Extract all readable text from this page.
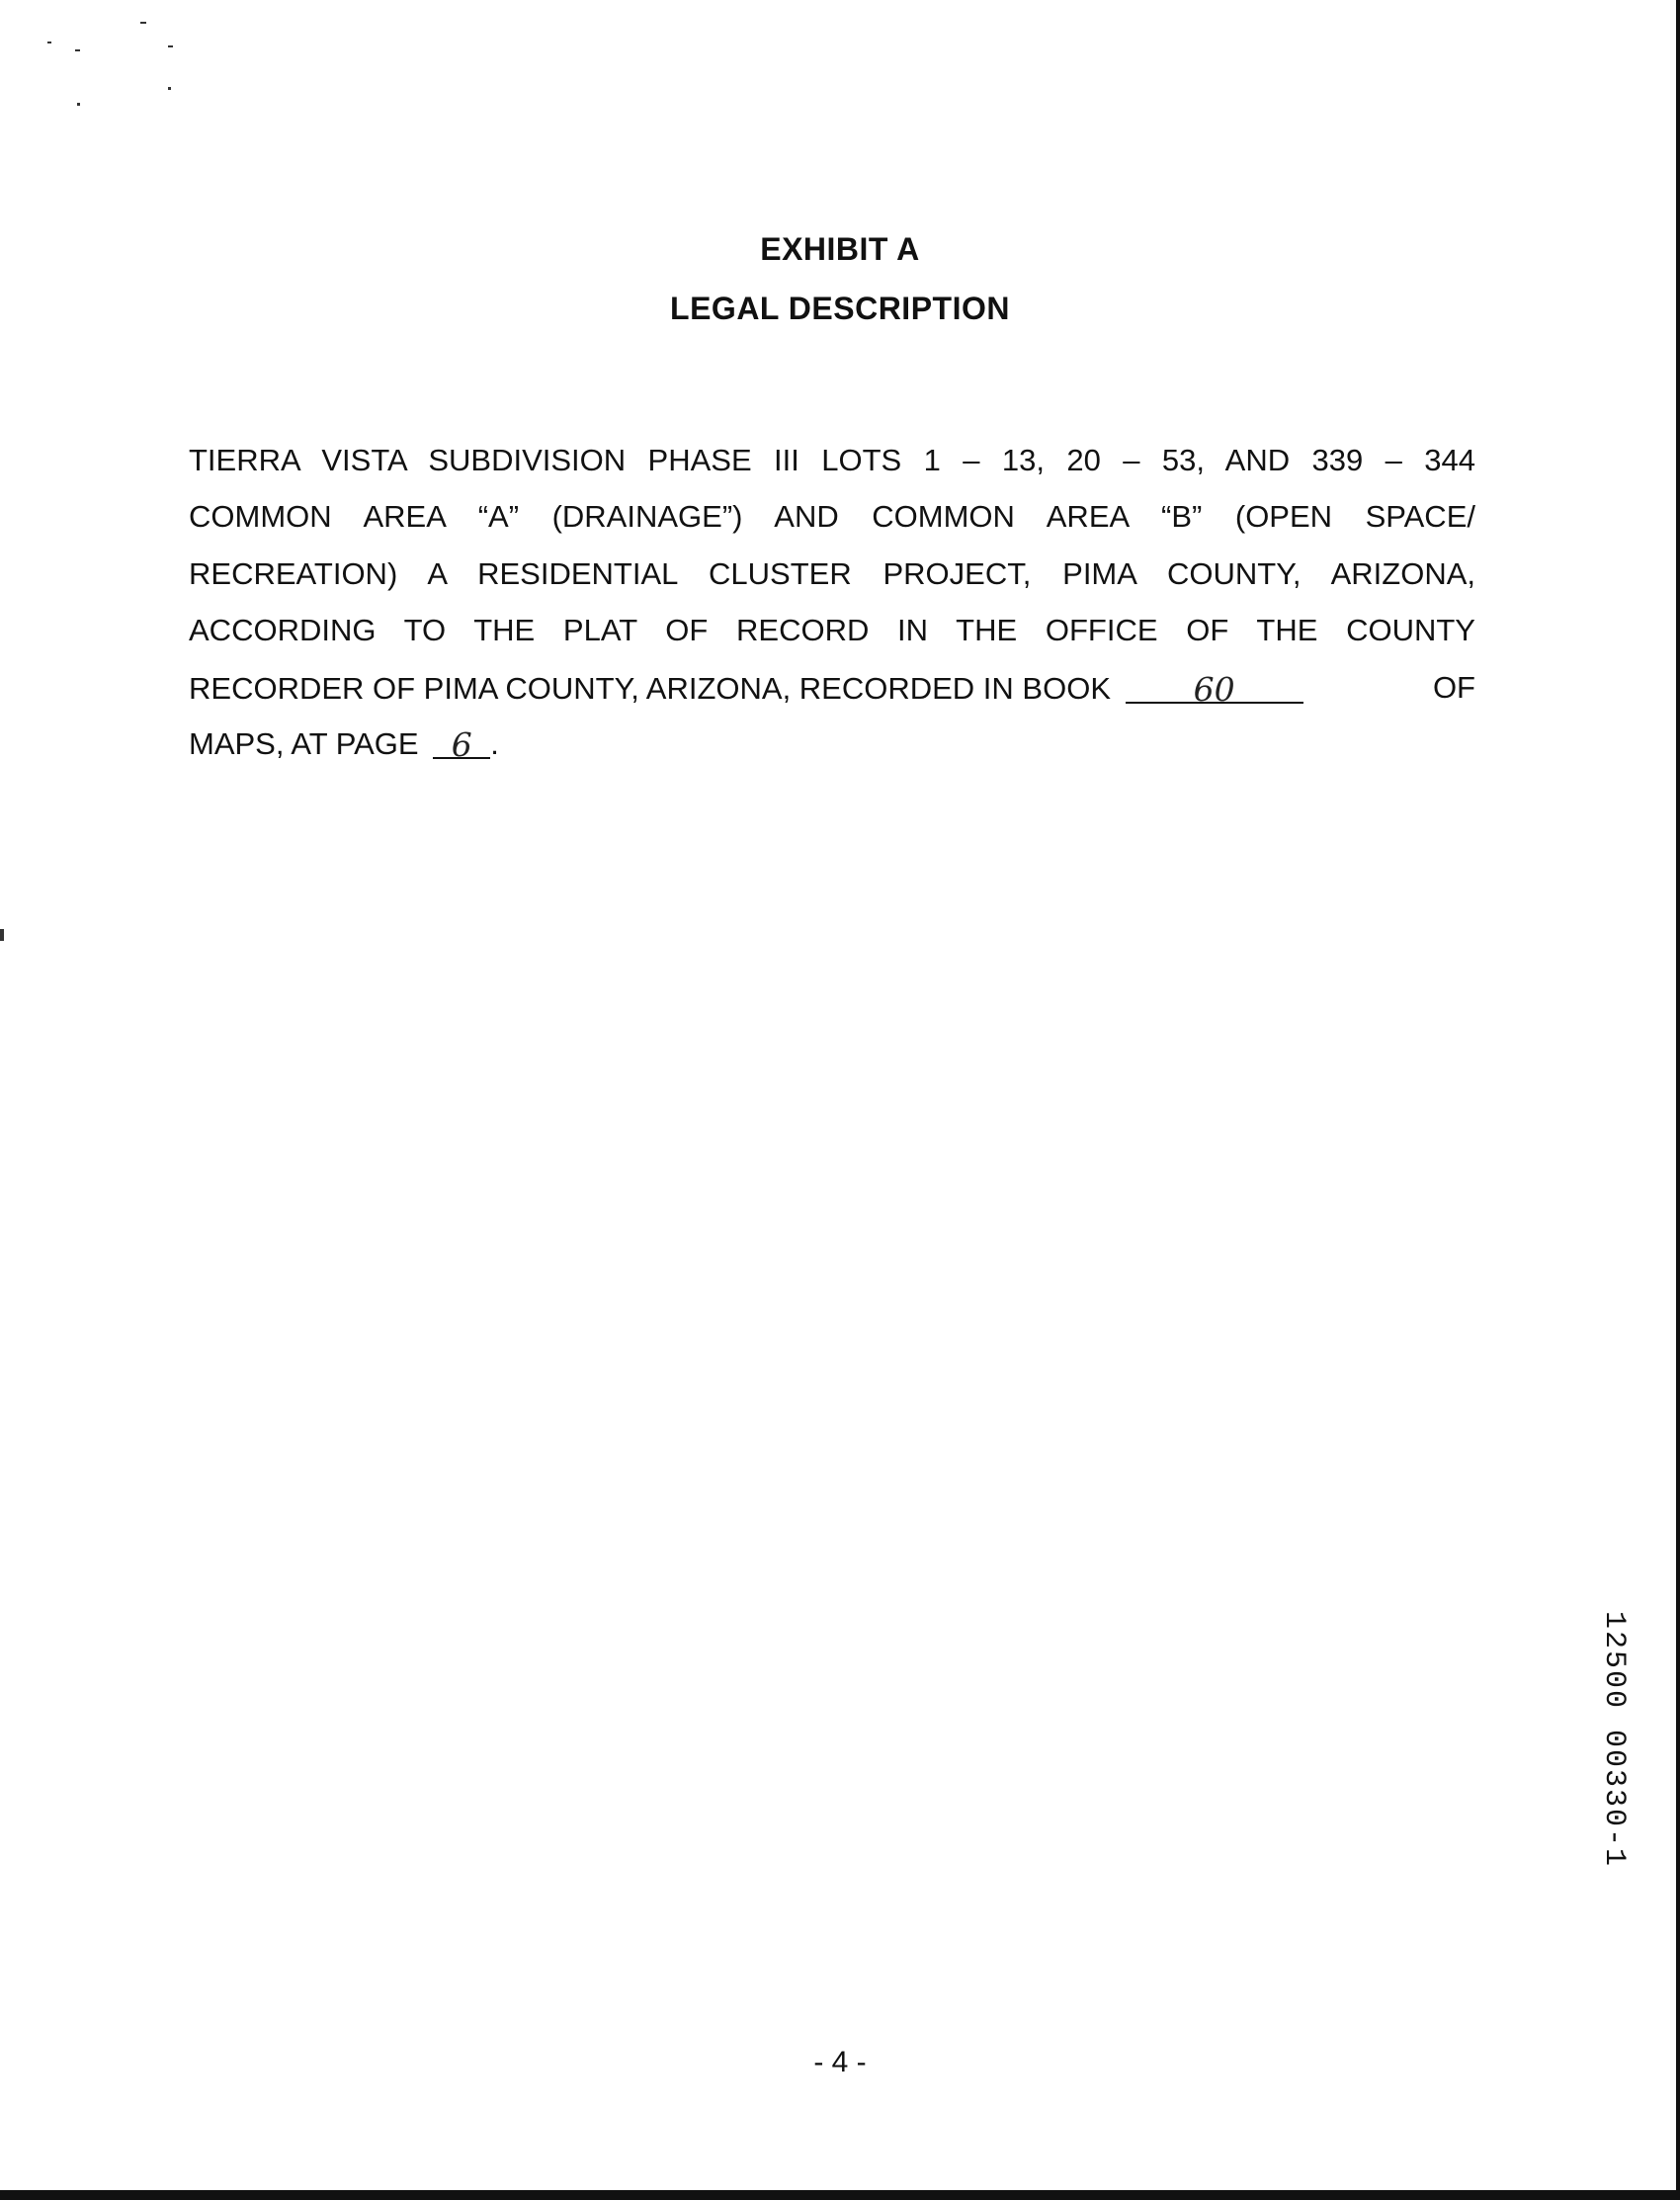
EXHIBIT A
LEGAL DESCRIPTION
TIERRA VISTA SUBDIVISION PHASE III LOTS 1 – 13, 20 – 53, AND 339 – 344
COMMON AREA “A” (DRAINAGE”) AND COMMON AREA “B” (OPEN SPACE/
RECREATION) A RESIDENTIAL CLUSTER PROJECT, PIMA COUNTY, ARIZONA,
ACCORDING TO THE PLAT OF RECORD IN THE OFFICE OF THE COUNTY
RECORDER OF PIMA COUNTY, ARIZONA, RECORDED IN BOOK	60	OF
MAPS, AT PAGE 6 .
12500 00330-1
- 4 -
